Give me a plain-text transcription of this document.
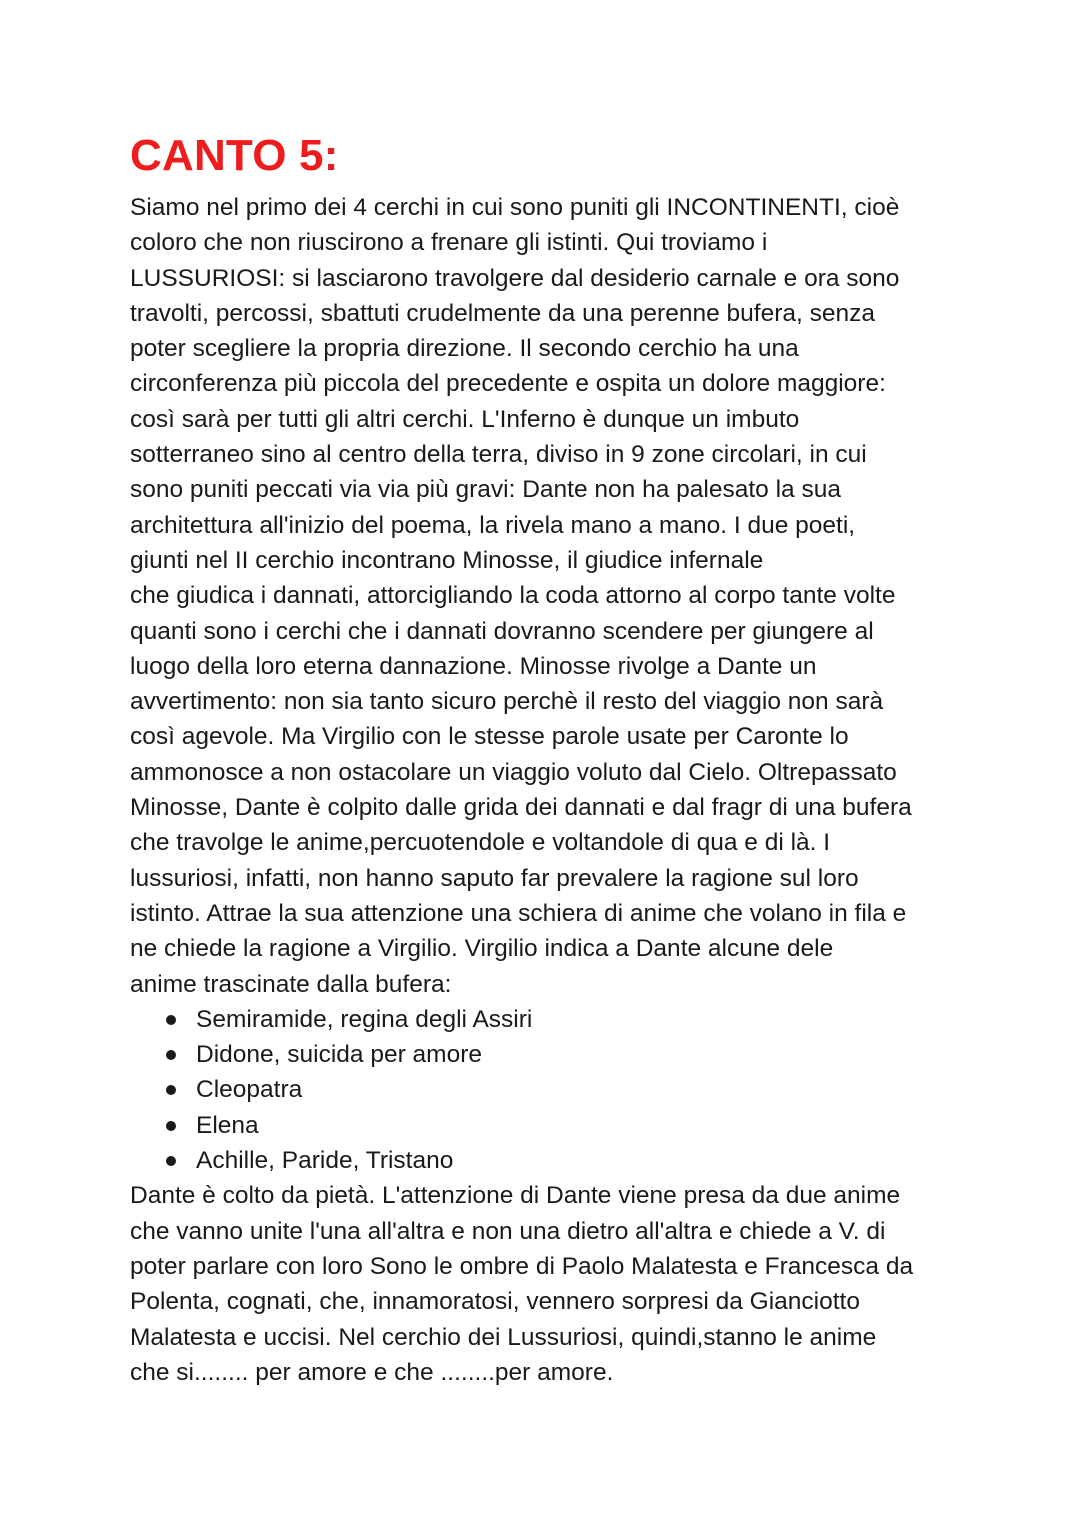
CANTO 5:

Siamo nel primo dei 4 cerchi in cui sono puniti gli INCONTINENTI, cioè
coloro che non riuscirono a frenare gli istinti. Qui troviamo i
LUSSURIOSI: si lasciarono travolgere dal desiderio carnale e ora sono
travolti, percossi, sbattuti crudelmente da una perenne bufera, senza
poter scegliere la propria direzione. Il secondo cerchio ha una
circonferenza più piccola del precedente e ospita un dolore maggiore:
così sarà per tutti gli altri cerchi. L'Inferno è dunque un imbuto
sotterraneo sino al centro della terra, diviso in 9 zone circolari, in cui
sono puniti peccati via via più gravi: Dante non ha palesato la sua
architettura all'inizio del poema, la rivela mano a mano. I due poeti,
giunti nel II cerchio incontrano Minosse, il giudice infernale
che giudica i dannati, attorcigliando la coda attorno al corpo tante volte
quanti sono i cerchi che i dannati dovranno scendere per giungere al
luogo della loro eterna dannazione. Minosse rivolge a Dante un
avvertimento: non sia tanto sicuro perchè il resto del viaggio non sarà
così agevole. Ma Virgilio con le stesse parole usate per Caronte lo
ammonosce a non ostacolare un viaggio voluto dal Cielo. Oltrepassato
Minosse, Dante è colpito dalle grida dei dannati e dal fragr di una bufera
che travolge le anime,percuotendole e voltandole di qua e di là. I
lussuriosi, infatti, non hanno saputo far prevalere la ragione sul loro
istinto. Attrae la sua attenzione una schiera di anime che volano in fila e
ne chiede la ragione a Virgilio. Virgilio indica a Dante alcune dele
anime trascinate dalla bufera:

Semiramide, regina degli Assiri
Didone, suicida per amore
Cleopatra
Elena
Achille, Paride, Tristano

Dante è colto da pietà. L'attenzione di Dante viene presa da due anime
che vanno unite l'una all'altra e non una dietro all'altra e chiede a V. di
poter parlare con loro Sono le ombre di Paolo Malatesta e Francesca da
Polenta, cognati, che, innamoratosi, vennero sorpresi da Gianciotto
Malatesta e uccisi. Nel cerchio dei Lussuriosi, quindi,stanno le anime
che si........ per amore e che ........per amore.
